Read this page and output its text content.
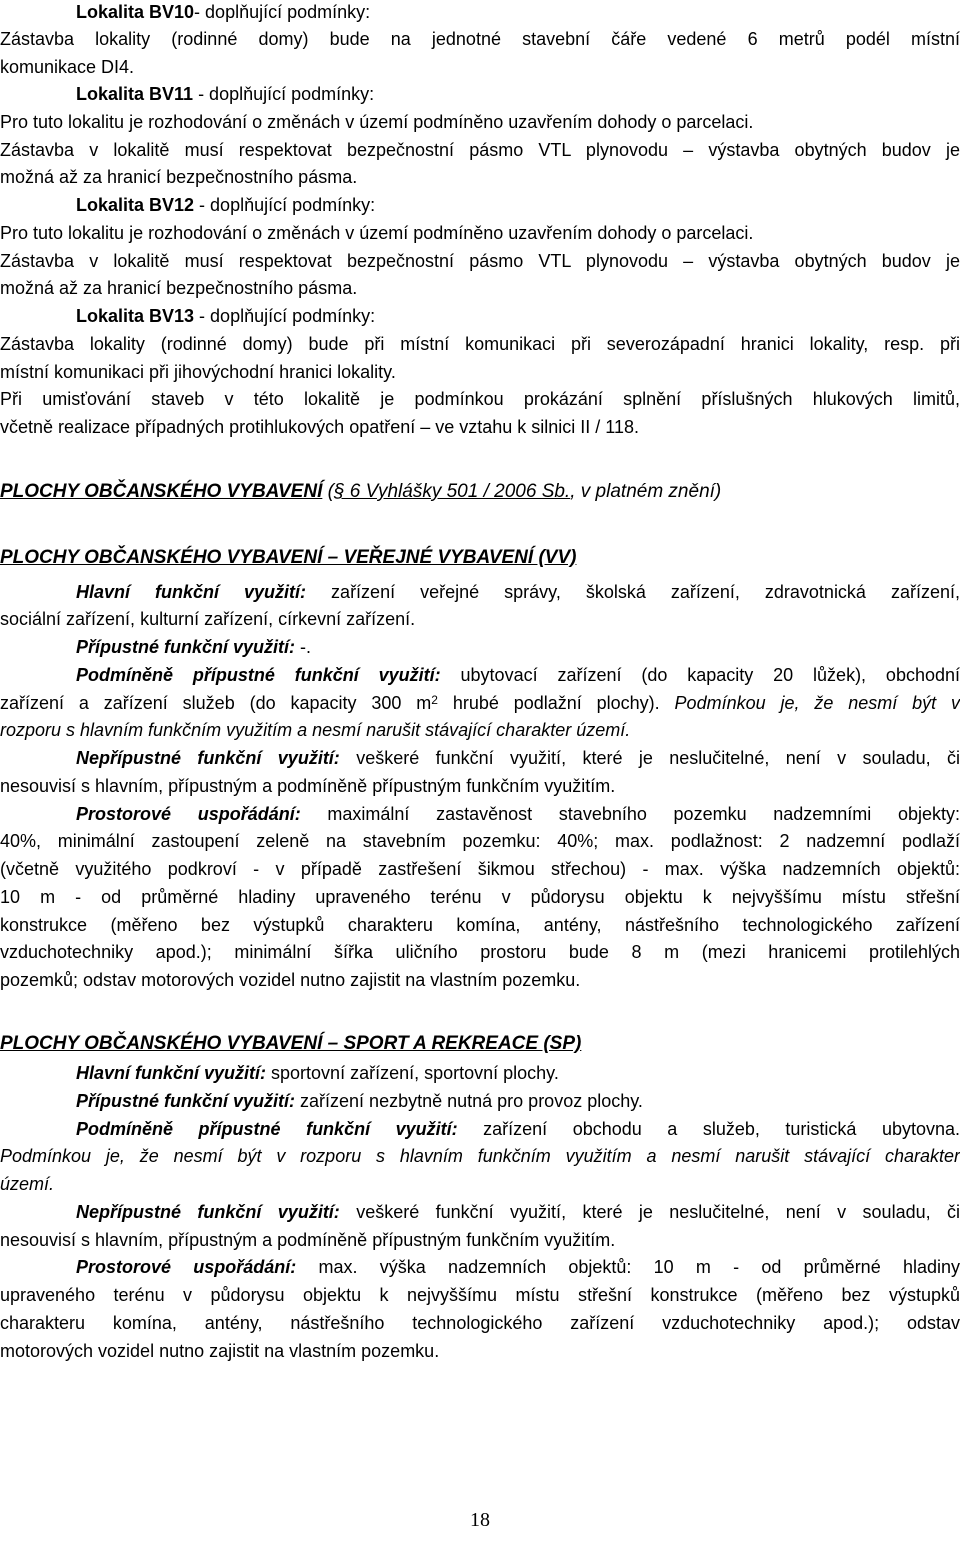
Lokalita BV10- doplňující podmínky:
Zástavba lokality (rodinné domy) bude na jednotné stavební čáře vedené 6 metrů podél místní
komunikace DI4.
Lokalita BV11 - doplňující podmínky:
Pro tuto lokalitu je rozhodování o změnách v území podmíněno uzavřením dohody o parcelaci.
Zástavba v lokalitě musí respektovat bezpečnostní pásmo VTL plynovodu – výstavba obytných budov je
možná až za hranicí bezpečnostního pásma.
Lokalita BV12 - doplňující podmínky:
Pro tuto lokalitu je rozhodování o změnách v území podmíněno uzavřením dohody o parcelaci.
Zástavba v lokalitě musí respektovat bezpečnostní pásmo VTL plynovodu – výstavba obytných budov je
možná až za hranicí bezpečnostního pásma.
Lokalita BV13 - doplňující podmínky:
Zástavba lokality (rodinné domy) bude při místní komunikaci při severozápadní hranici lokality, resp. při
místní komunikaci při jihovýchodní hranici lokality.
Při umisťování staveb v této lokalitě je podmínkou prokázání splnění příslušných hlukových limitů,
včetně realizace případných protihlukových opatření – ve vztahu k silnici II / 118.
PLOCHY OBČANSKÉHO VYBAVENÍ (§ 6 Vyhlášky 501 / 2006 Sb., v platném znění)
PLOCHY OBČANSKÉHO VYBAVENÍ – VEŘEJNÉ VYBAVENÍ (VV)
Hlavní funkční využití: zařízení veřejné správy, školská zařízení, zdravotnická zařízení,
sociální zařízení, kulturní zařízení, církevní zařízení.
Přípustné funkční využití: -.
Podmíněně přípustné funkční využití: ubytovací zařízení (do kapacity 20 lůžek), obchodní
zařízení a zařízení služeb (do kapacity 300 $m^2$ hrubé podlažní plochy). Podmínkou je, že nesmí být v
rozporu s hlavním funkčním využitím a nesmí narušit stávající charakter území.
Nepřípustné funkční využití: veškeré funkční využití, které je neslučitelné, není v souladu, či
nesouvisí s hlavním, přípustným a podmíněně přípustným funkčním využitím.
Prostorové uspořádání: maximální zastavěnost stavebního pozemku nadzemními objekty:
40%, minimální zastoupení zeleně na stavebním pozemku: 40%; max. podlažnost: 2 nadzemní podlaží
(včetně využitého podkroví - v případě zastřešení šikmou střechou) - max. výška nadzemních objektů:
10 m - od průměrné hladiny upraveného terénu v půdorysu objektu k nejvyššímu místu střešní
konstrukce (měřeno bez výstupků charakteru komína, antény, nástřešního technologického zařízení
vzduchotechniky apod.); minimální šířka uličního prostoru bude 8 m (mezi hranicemi protilehlých
pozemků; odstav motorových vozidel nutno zajistit na vlastním pozemku.
PLOCHY OBČANSKÉHO VYBAVENÍ – SPORT A REKREACE (SP)
Hlavní funkční využití: sportovní zařízení, sportovní plochy.
Přípustné funkční využití: zařízení nezbytně nutná pro provoz plochy.
Podmíněně přípustné funkční využití: zařízení obchodu a služeb, turistická ubytovna.
Podmínkou je, že nesmí být v rozporu s hlavním funkčním využitím a nesmí narušit stávající charakter
území.
Nepřípustné funkční využití: veškeré funkční využití, které je neslučitelné, není v souladu, či
nesouvisí s hlavním, přípustným a podmíněně přípustným funkčním využitím.
Prostorové uspořádání: max. výška nadzemních objektů: 10 m - od průměrné hladiny
upraveného terénu v půdorysu objektu k nejvyššímu místu střešní konstrukce (měřeno bez výstupků
charakteru komína, antény, nástřešního technologického zařízení vzduchotechniky apod.); odstav
motorových vozidel nutno zajistit na vlastním pozemku.
18
